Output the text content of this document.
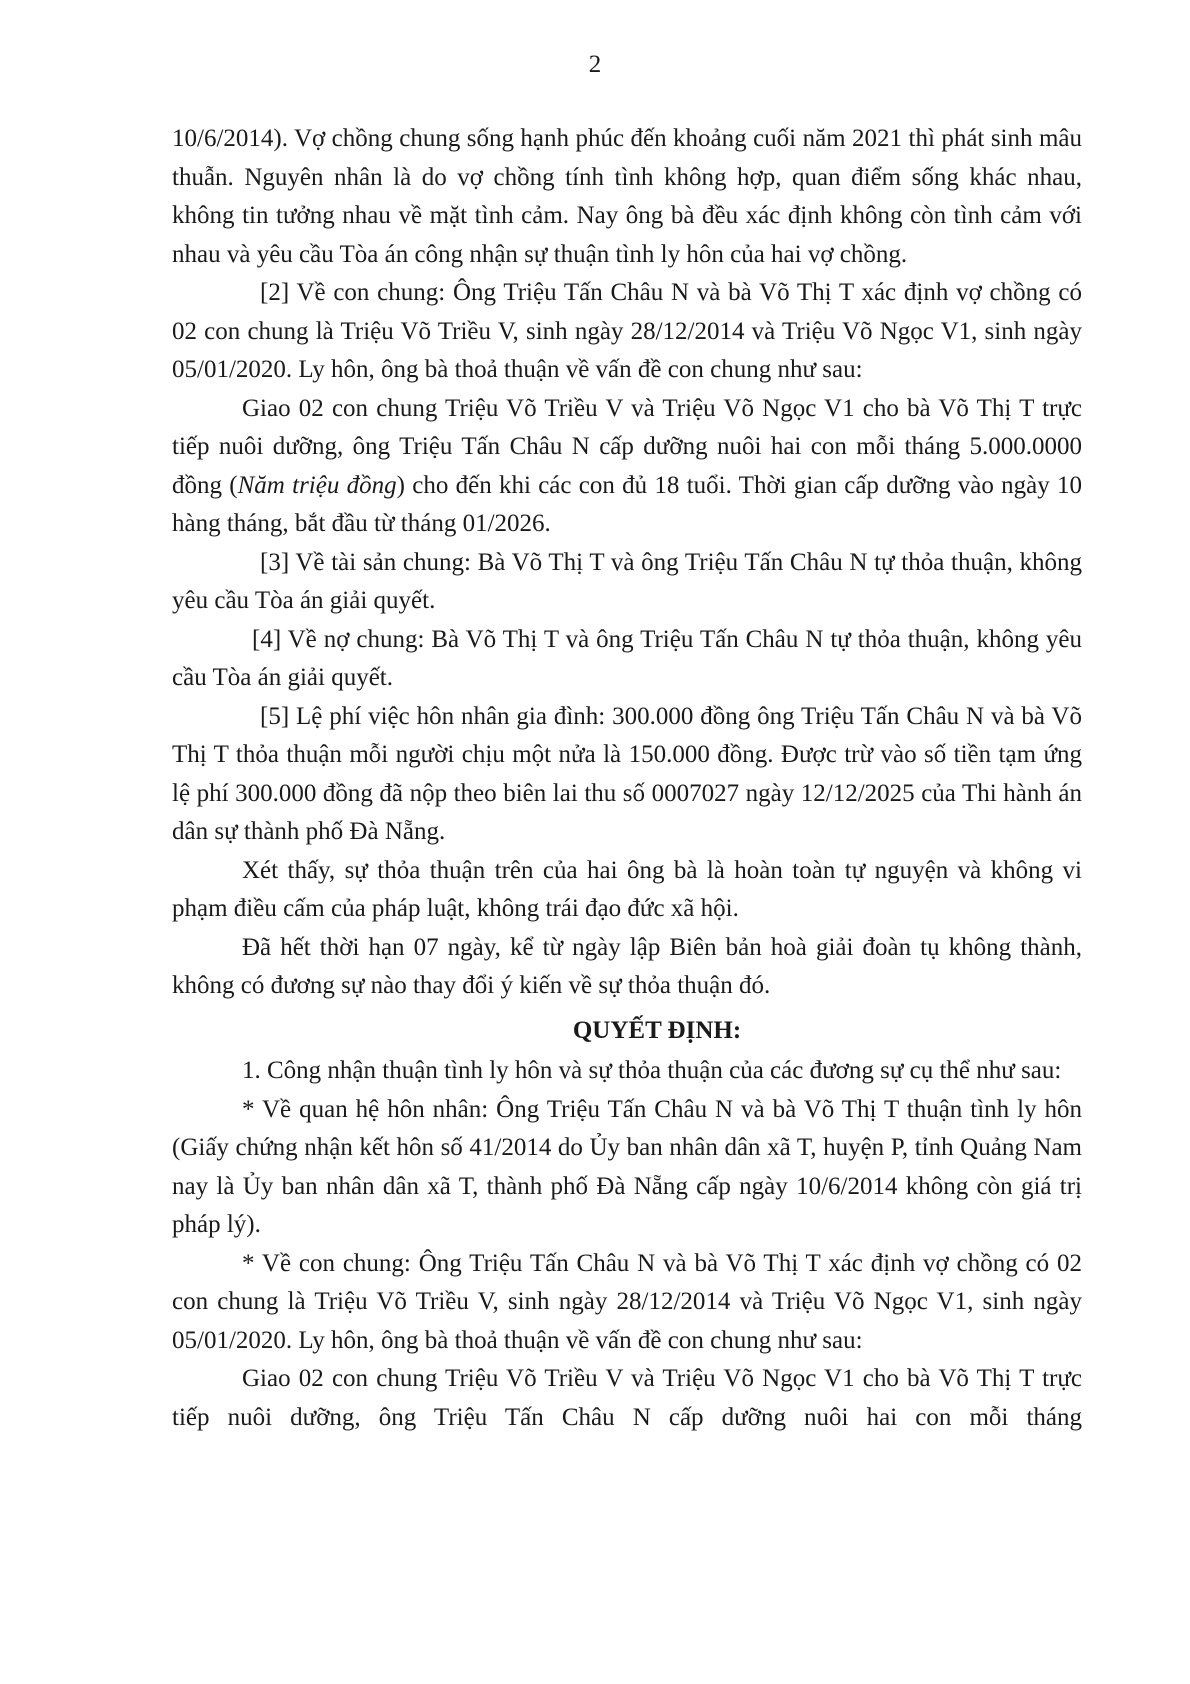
2

10/6/2014). Vợ chồng chung sống hạnh phúc đến khoảng cuối năm 2021 thì phát sinh mâu thuẫn. Nguyên nhân là do vợ chồng tính tình không hợp, quan điểm sống khác nhau, không tin tưởng nhau về mặt tình cảm. Nay ông bà đều xác định không còn tình cảm với nhau và yêu cầu Tòa án công nhận sự thuận tình ly hôn của hai vợ chồng.

[2] Về con chung: Ông Triệu Tấn Châu N và bà Võ Thị T xác định vợ chồng có 02 con chung là Triệu Võ Triều V, sinh ngày 28/12/2014 và Triệu Võ Ngọc V1, sinh ngày 05/01/2020. Ly hôn, ông bà thoả thuận về vấn đề con chung như sau:

Giao 02 con chung Triệu Võ Triều V và Triệu Võ Ngọc V1 cho bà Võ Thị T trực tiếp nuôi dưỡng, ông Triệu Tấn Châu N cấp dưỡng nuôi hai con mỗi tháng 5.000.0000 đồng (Năm triệu đồng) cho đến khi các con đủ 18 tuổi. Thời gian cấp dưỡng vào ngày 10 hàng tháng, bắt đầu từ tháng 01/2026.

[3] Về tài sản chung: Bà Võ Thị T và ông Triệu Tấn Châu N tự thỏa thuận, không yêu cầu Tòa án giải quyết.

[4] Về nợ chung: Bà Võ Thị T và ông Triệu Tấn Châu N tự thỏa thuận, không yêu cầu Tòa án giải quyết.

[5] Lệ phí việc hôn nhân gia đình: 300.000 đồng ông Triệu Tấn Châu N và bà Võ Thị T thỏa thuận mỗi người chịu một nửa là 150.000 đồng. Được trừ vào số tiền tạm ứng lệ phí 300.000 đồng đã nộp theo biên lai thu số 0007027 ngày 12/12/2025 của Thi hành án dân sự thành phố Đà Nẵng.

Xét thấy, sự thỏa thuận trên của hai ông bà là hoàn toàn tự nguyện và không vi phạm điều cấm của pháp luật, không trái đạo đức xã hội.

Đã hết thời hạn 07 ngày, kể từ ngày lập Biên bản hoà giải đoàn tụ không thành, không có đương sự nào thay đổi ý kiến về sự thỏa thuận đó.

QUYẾT ĐỊNH:

1. Công nhận thuận tình ly hôn và sự thỏa thuận của các đương sự cụ thể như sau:

* Về quan hệ hôn nhân: Ông Triệu Tấn Châu N và bà Võ Thị T thuận tình ly hôn (Giấy chứng nhận kết hôn số 41/2014 do Ủy ban nhân dân xã T, huyện P, tỉnh Quảng Nam nay là Ủy ban nhân dân xã T, thành phố Đà Nẵng cấp ngày 10/6/2014 không còn giá trị pháp lý).

* Về con chung: Ông Triệu Tấn Châu N và bà Võ Thị T xác định vợ chồng có 02 con chung là Triệu Võ Triều V, sinh ngày 28/12/2014 và Triệu Võ Ngọc V1, sinh ngày 05/01/2020. Ly hôn, ông bà thoả thuận về vấn đề con chung như sau:

Giao 02 con chung Triệu Võ Triều V và Triệu Võ Ngọc V1 cho bà Võ Thị T trực tiếp nuôi dưỡng, ông Triệu Tấn Châu N cấp dưỡng nuôi hai con mỗi tháng
